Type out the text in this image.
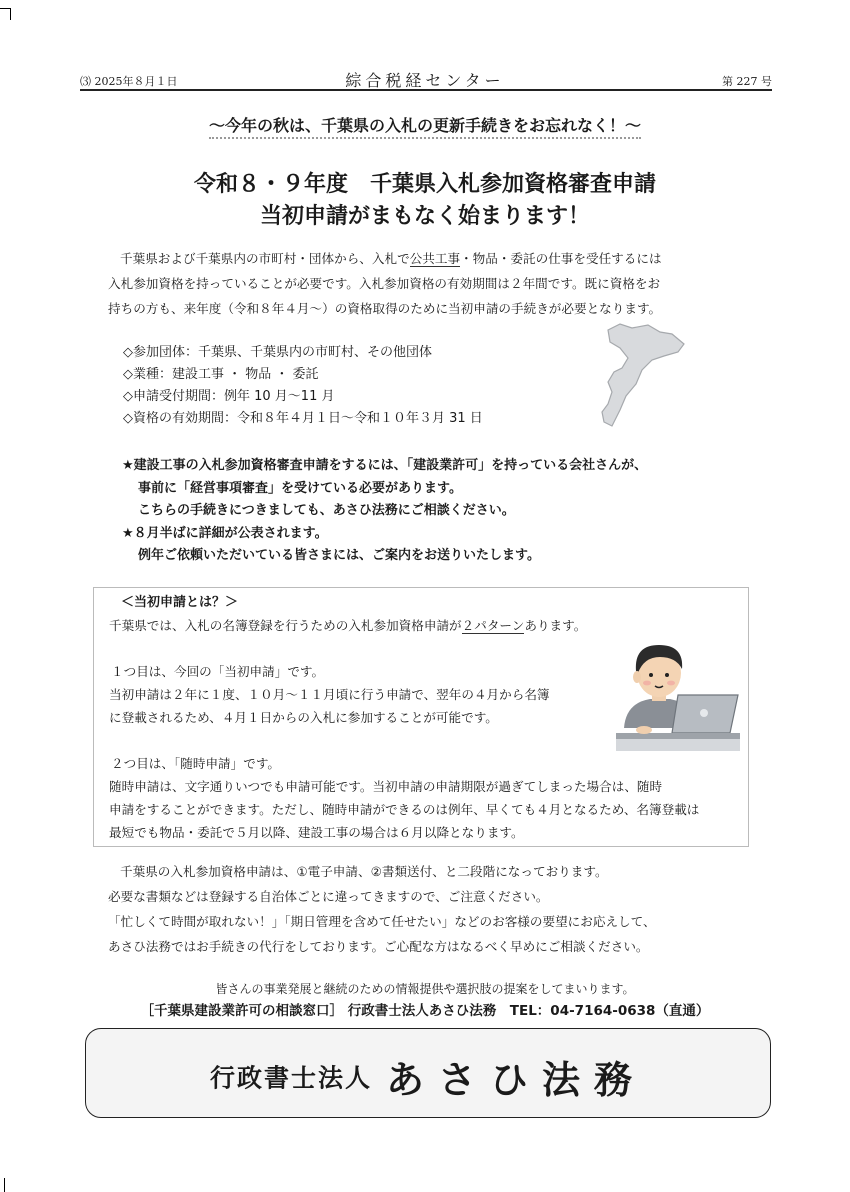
⑶ 2025年８月１日	綜合税経センター	第 227 号
～今年の秋は、千葉県の入札の更新手続きをお忘れなく！～
令和８・９年度　千葉県入札参加資格審査申請
当初申請がまもなく始まります！

千葉県および千葉県内の市町村・団体から、入札で公共工事・物品・委託の仕事を受任するには

入札参加資格を持っていることが必要です。入札参加資格の有効期間は２年間です。既に資格をお

持ちの方も、来年度（令和８年４月～）の資格取得のために当初申請の手続きが必要となります。

◇参加団体：千葉県、千葉県内の市町村、その他団体

◇業種：建設工事 ・ 物品 ・ 委託

◇申請受付期間：例年 10 月～11 月

◇資格の有効期間：令和８年４月１日～令和１０年３月 31 日

★建設工事の入札参加資格審査申請をするには、「建設業許可」を持っている会社さんが、

事前に「経営事項審査」を受けている必要があります。

こちらの手続きにつきましても、あさひ法務にご相談ください。

★８月半ばに詳細が公表されます。

例年ご依頼いただいている皆さまには、ご案内をお送りいたします。

＜当初申請とは？＞

千葉県では、入札の名簿登録を行うための入札参加資格申請が２パターンあります。

１つ目は、今回の「当初申請」です。

当初申請は２年に１度、１０月～１１月頃に行う申請で、翌年の４月から名簿

に登載されるため、４月１日からの入札に参加することが可能です。

２つ目は、「随時申請」です。

随時申請は、文字通りいつでも申請可能です。当初申請の申請期限が過ぎてしまった場合は、随時

申請をすることができます。ただし、随時申請ができるのは例年、早くても４月となるため、名簿登載は

最短でも物品・委託で５月以降、建設工事の場合は６月以降となります。

千葉県の入札参加資格申請は、①電子申請、②書類送付、と二段階になっております。

必要な書類などは登録する自治体ごとに違ってきますので、ご注意ください。

「忙しくて時間が取れない！」「期日管理を含めて任せたい」などのお客様の要望にお応えして、

あさひ法務ではお手続きの代行をしております。ご心配な方はなるべく早めにご相談ください。

皆さんの事業発展と継続のための情報提供や選択肢の提案をしてまいります。
［千葉県建設業許可の相談窓口］ 行政書士法人あさひ法務　TEL：04-7164-0638（直通）
行政書士法人 あさひ法務
